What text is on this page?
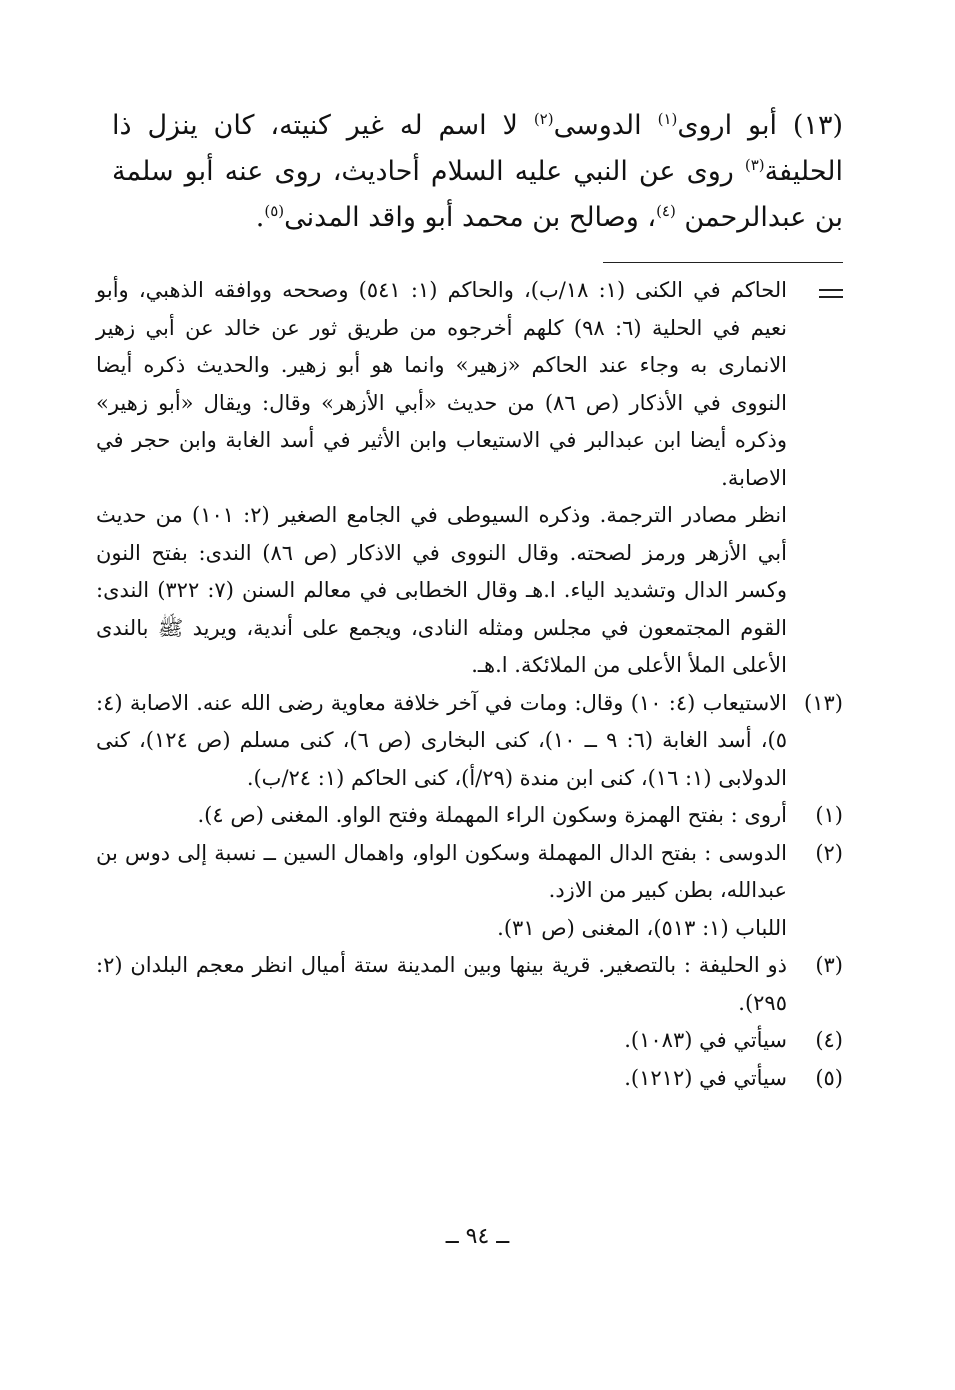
(١٣) أبو اروى$^{(١)}$ الدوسى$^{(٢)}$ لا اسم له غير كنيته، كان ينزل ذا الحليفة$^{(٣)}$ روى عن النبي عليه السلام أحاديث، روى عنه أبو سلمة بن عبدالرحمن $^{(٤)}$، وصالح بن محمد أبو واقد المدنى$^{(٥)}$.

الحاكم في الكنى (١: ١٨/ب)، والحاكم (١: ٥٤١) وصححه ووافقه الذهبي، وأبو نعيم في الحلية (٦: ٩٨) كلهم أخرجوه من طريق ثور عن خالد عن أبي زهير الانمارى به وجاء عند الحاكم «زهير» وانما هو أبو زهير. والحديث ذكره أيضا النووى في الأذكار (ص ٨٦) من حديث «أبي الأزهر» وقال: ويقال «أبو زهير» وذكره أيضا ابن عبدالبر في الاستيعاب وابن الأثير في أسد الغابة وابن حجر في الاصابة.

انظر مصادر الترجمة. وذكره السيوطى في الجامع الصغير (٢: ١٠١) من حديث أبي الأزهر ورمز لصحته. وقال النووى في الاذكار (ص ٨٦) الندى: بفتح النون وكسر الدال وتشديد الياء. ا.هـ وقال الخطابى في معالم السنن (٧: ٣٢٢) الندى: القوم المجتمعون في مجلس ومثله النادى، ويجمع على أندية، ويريد ﷺ بالندى الأعلى الملأ الأعلى من الملائكة. ا.هـ.

(١٣)

الاستيعاب (٤: ١٠) وقال: ومات في آخر خلافة معاوية رضى الله عنه. الاصابة (٤: ٥)، أسد الغابة (٦: ٩ ــ ١٠)، كنى البخارى (ص ٦)، كنى مسلم (ص ١٢٤)، كنى الدولابى (١: ١٦)، كنى ابن مندة (٢٩/أ)، كنى الحاكم (١: ٢٤/ب).

(١)

أروى : بفتح الهمزة وسكون الراء المهملة وفتح الواو. المغنى (ص ٤).

(٢)

الدوسى : بفتح الدال المهملة وسكون الواو، واهمال السين ــ نسبة إلى دوس بن عبدالله، بطن كبير من الازد.

اللباب (١: ٥١٣)، المغنى (ص ٣١).

(٣)

ذو الحليفة : بالتصغير. قرية بينها وبين المدينة ستة أميال انظر معجم البلدان (٢: ٢٩٥).

(٤)

سيأتي في (١٠٨٣).

(٥)

سيأتي في (١٢١٢).

ــ ٩٤ ــ
